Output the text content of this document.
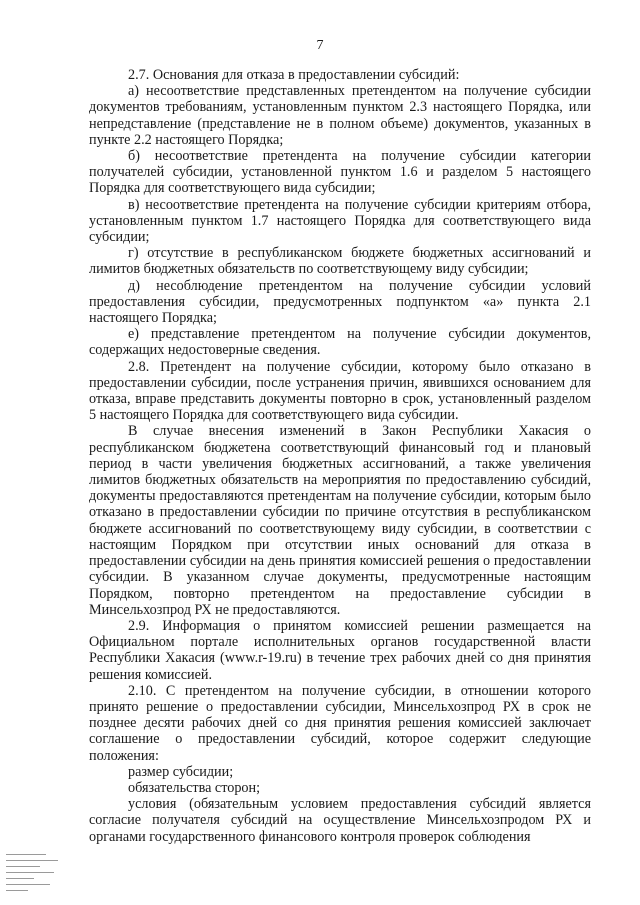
7

2.7. Основания для отказа в предоставлении субсидий:

а) несоответствие представленных претендентом на получение субсидии документов требованиям, установленным пунктом 2.3 настоящего Порядка, или непредставление (представление не в полном объеме) документов, указанных в пункте 2.2 настоящего Порядка;

б) несоответствие претендента на получение субсидии категории получателей субсидии, установленной пунктом 1.6 и разделом 5 настоящего Порядка для соответствующего вида субсидии;

в) несоответствие претендента на получение субсидии критериям отбора, установленным пунктом 1.7 настоящего Порядка для соответствующего вида субсидии;

г) отсутствие в республиканском бюджете бюджетных ассигнований и лимитов бюджетных обязательств по соответствующему виду субсидии;

д) несоблюдение претендентом на получение субсидии условий предоставления субсидии, предусмотренных подпунктом «а» пункта 2.1 настоящего Порядка;

е) представление претендентом на получение субсидии документов, содержащих недостоверные сведения.

2.8. Претендент на получение субсидии, которому было отказано в предоставлении субсидии, после устранения причин, явившихся основанием для отказа, вправе представить документы повторно в срок, установленный разделом 5 настоящего Порядка для соответствующего вида субсидии.

В случае внесения изменений в Закон Республики Хакасия о республиканском бюджетена соответствующий финансовый год и плановый период в части увеличения бюджетных ассигнований, а также увеличения лимитов бюджетных обязательств на мероприятия по предоставлению субсидий, документы предоставляются претендентам на получение субсидии, которым было отказано в предоставлении субсидии по причине отсутствия в республиканском бюджете ассигнований по соответствующему виду субсидии, в соответствии с настоящим Порядком при отсутствии иных оснований для отказа в предоставлении субсидии на день принятия комиссией решения о предоставлении субсидии. В указанном случае документы, предусмотренные настоящим Порядком, повторно претендентом на предоставление субсидии в Минсельхозпрод РХ не предоставляются.

2.9. Информация о принятом комиссией решении размещается на Официальном портале исполнительных органов государственной власти Республики Хакасия (www.r-19.ru) в течение трех рабочих дней со дня принятия решения комиссией.

2.10. С претендентом на получение субсидии, в отношении которого принято решение о предоставлении субсидии, Минсельхозпрод РХ в срок не позднее десяти рабочих дней со дня принятия решения комиссией заключает соглашение о предоставлении субсидий, которое содержит следующие положения:

размер субсидии;

обязательства сторон;

условия (обязательным условием предоставления субсидий является согласие получателя субсидий на осуществление Минсельхозпродом РХ и органами государственного финансового контроля проверок соблюдения
